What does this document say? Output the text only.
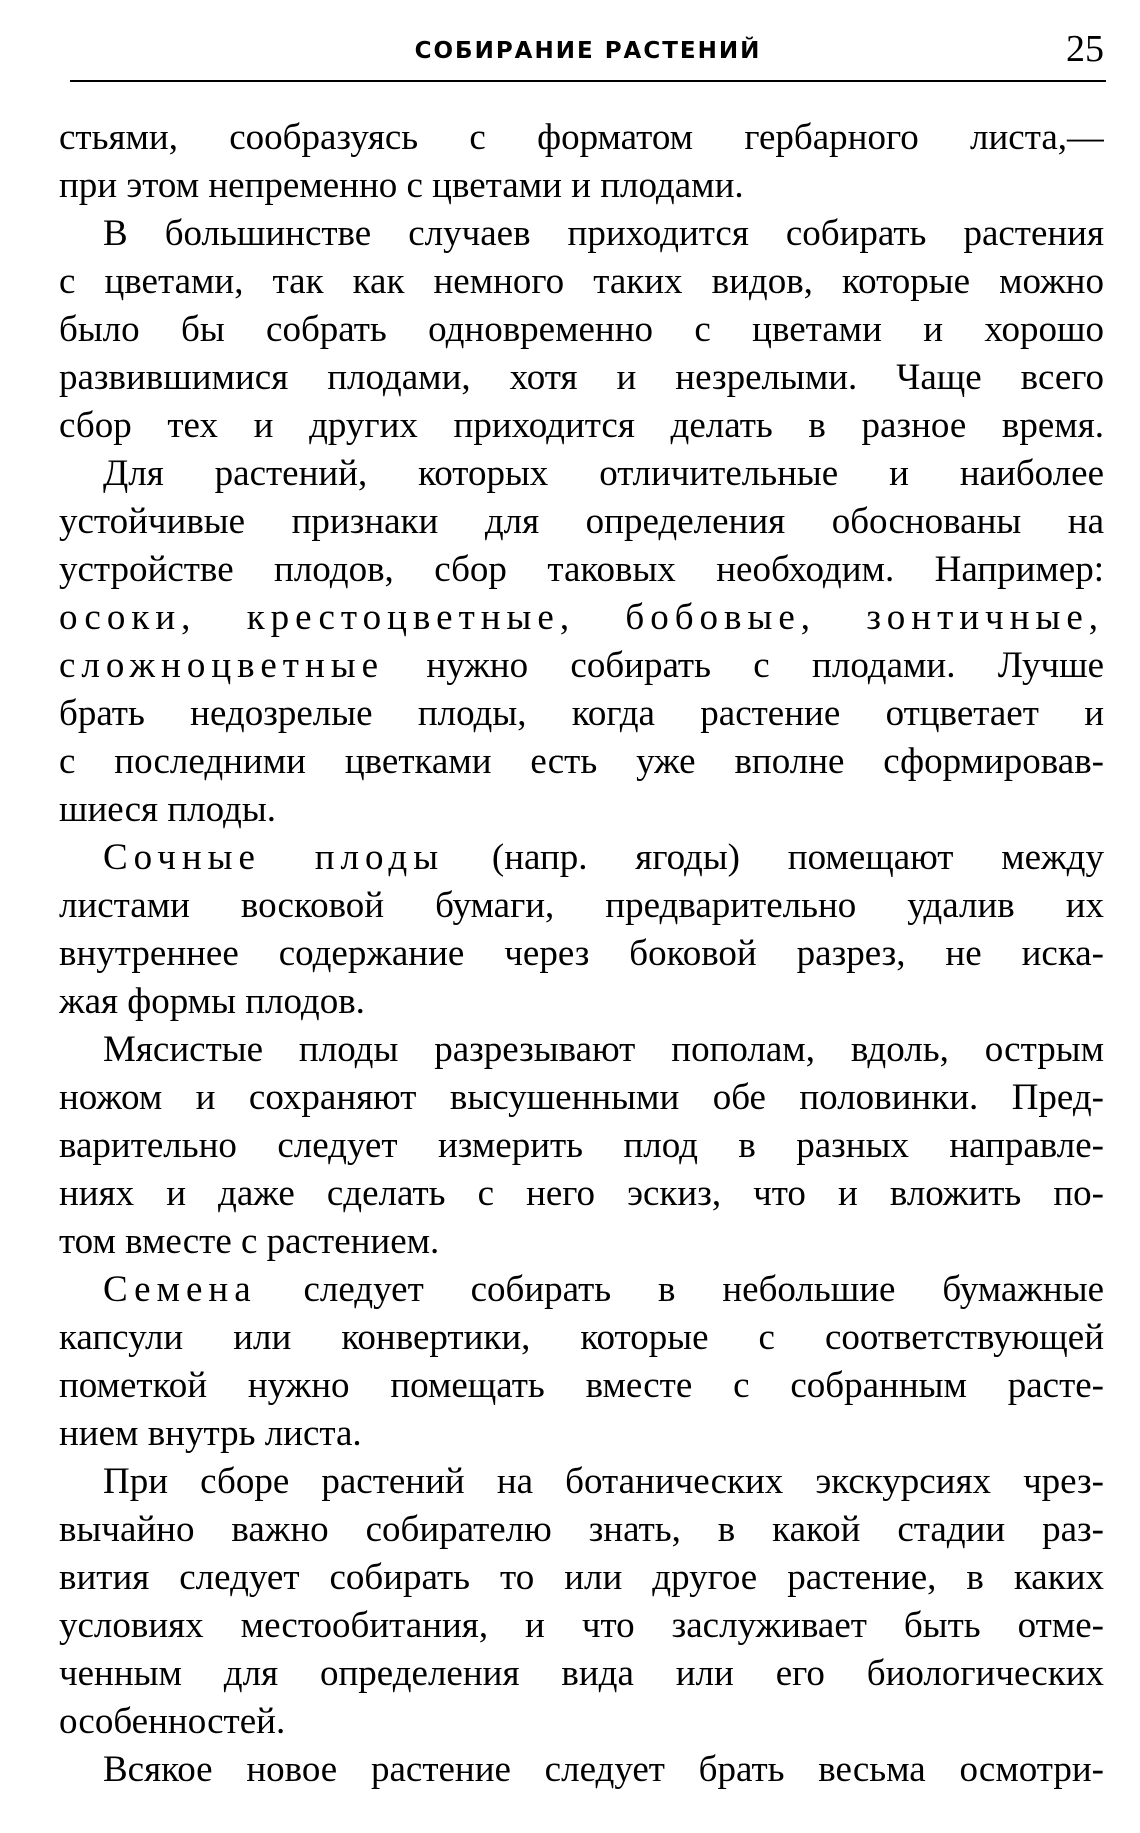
СОБИРАНИЕ РАСТЕНИЙ	25
стьями, сообразуясь с форматом гербарного листа,—
при этом непременно с цветами и плодами.
В большинстве случаев приходится собирать растения
с цветами, так как немного таких видов, которые можно
было бы собрать одновременно с цветами и хорошо
развившимися плодами, хотя и незрелыми. Чаще всего
сбор тех и других приходится делать в разное время.
Для растений, которых отличительные и наиболее
устойчивые признаки для определения обоснованы на
устройстве плодов, сбор таковых необходим. Например:
осоки, крестоцветные, бобовые, зонтичные,
сложноцветные нужно собирать с плодами. Лучше
брать недозрелые плоды, когда растение отцветает и
с последними цветками есть уже вполне сформировав-
шиеся плоды.
Сочные плоды (напр. ягоды) помещают между
листами восковой бумаги, предварительно удалив их
внутреннее содержание через боковой разрез, не иска-
жая формы плодов.
Мясистые плоды разрезывают пополам, вдоль, острым
ножом и сохраняют высушенными обе половинки. Пред-
варительно следует измерить плод в разных направле-
ниях и даже сделать с него эскиз, что и вложить по-
том вместе с растением.
Семена следует собирать в небольшие бумажные
капсули или конвертики, которые с соответствующей
пометкой нужно помещать вместе с собранным расте-
нием внутрь листа.
При сборе растений на ботанических экскурсиях чрез-
вычайно важно собирателю знать, в какой стадии раз-
вития следует собирать то или другое растение, в каких
условиях местообитания, и что заслуживает быть отме-
ченным для определения вида или его биологических
особенностей.
Всякое новое растение следует брать весьма осмотри-
